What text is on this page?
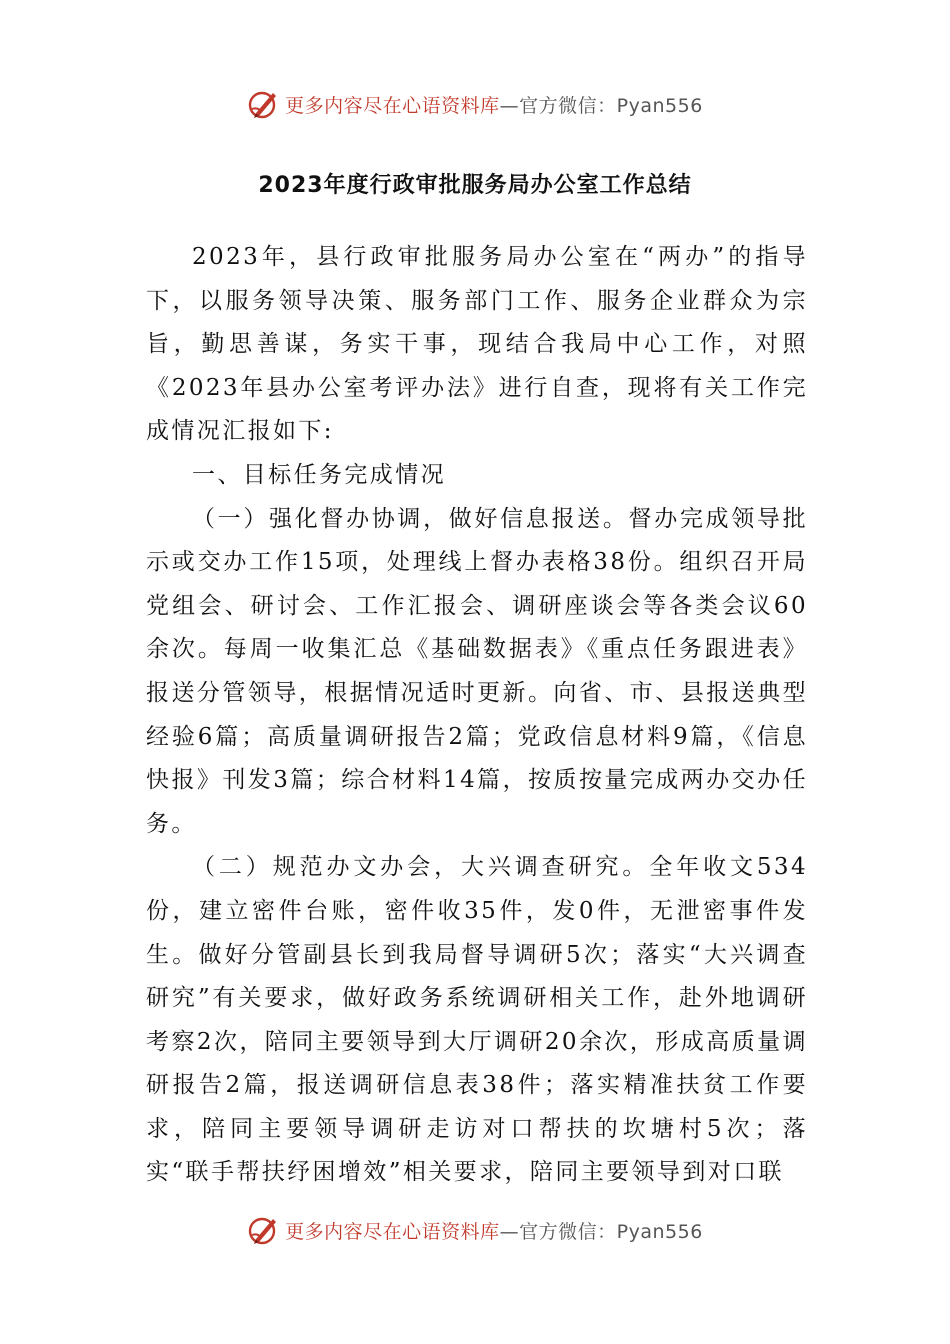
更多内容尽在心语资料库—官方微信：Pyan556
2023年度行政审批服务局办公室工作总结

2023年，县行政审批服务局办公室在“两办”的指导下，以服务领导决策、服务部门工作、服务企业群众为宗旨，勤思善谋，务实干事，现结合我局中心工作，对照《2023年县办公室考评办法》进行自查，现将有关工作完成情况汇报如下:

一、目标任务完成情况

（一）强化督办协调，做好信息报送。督办完成领导批示或交办工作15项，处理线上督办表格38份。组织召开局党组会、研讨会、工作汇报会、调研座谈会等各类会议60余次。每周一收集汇总《基础数据表》《重点任务跟进表》报送分管领导，根据情况适时更新。向省、市、县报送典型经验6篇；高质量调研报告2篇；党政信息材料9篇，《信息快报》刊发3篇；综合材料14篇，按质按量完成两办交办任务。

（二）规范办文办会，大兴调查研究。全年收文534份，建立密件台账，密件收35件，发0件，无泄密事件发生。做好分管副县长到我局督导调研5次；落实“大兴调查研究”有关要求，做好政务系统调研相关工作，赴外地调研考察2次，陪同主要领导到大厅调研20余次，形成高质量调研报告2篇，报送调研信息表38件；落实精准扶贫工作要求，陪同主要领导调研走访对口帮扶的坎塘村5次；落实“联手帮扶纾困增效”相关要求，陪同主要领导到对口联

更多内容尽在心语资料库—官方微信：Pyan556
